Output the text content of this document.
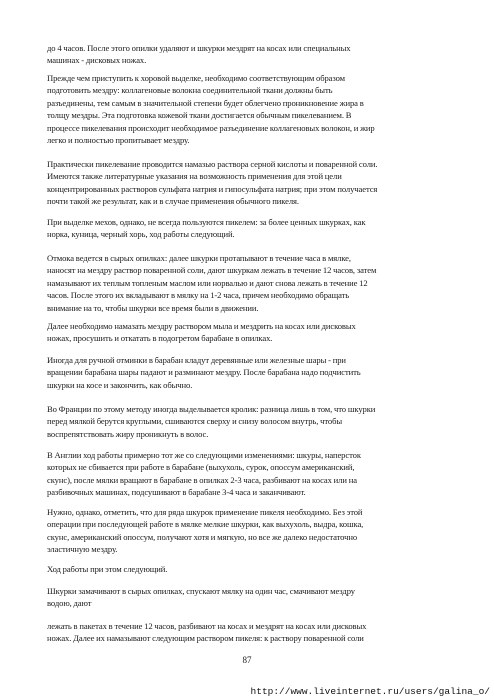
до 4 часов. После этого опилки удаляют и шкурки мездрят на косах или специальных
машинах - дисковых ножах.

Прежде чем приступить к хоровой выделке, необходимо соответствующим образом
подготовить мездру: коллагеновые волокна соединительной ткани должны быть
разъединены, тем самым в значительной степени будет облегчено проникновение жира в
толщу мездры. Эта подготовка кожевой ткани достигается обычным пикелеванием. В
процессе пикелевания происходит необходимое разъединение коллагеновых волокон, и жир
легко и полностью пропитывает мездру.

Практически пикелевание проводится намазью раствора серной кислоты и поваренной соли.
Имеются также литературные указания на возможность применения для этой цели
концентрированных растворов сульфата натрия и гипосульфата натрия; при этом получается
почти такой же результат, как и в случае применения обычного пикеля.

При выделке мехов, однако, не всегда пользуются пикелем: за более ценных шкурках, как
норка, куница, черный хорь, ход работы следующий.

Отмока ведется в сырых опилках: далее шкурки протапывают в течение часа в мялке,
наносят на мездру раствор поваренной соли, дают шкуркам лежать в течение 12 часов, затем
намазывают их теплым топленым маслом или норвалью и дают снова лежать в течение 12
часов. После этого их вкладывают в мялку на 1-2 часа, причем необходимо обращать
внимание на то, чтобы шкурки все время были в движении.

Далее необходимо намазать мездру раствором мыла и мездрить на косах или дисковых
ножах, просушить и откатать в подогретом барабане в опилках.

Иногда для ручной отминки в барабан кладут деревянные или железные шары - при
вращении барабана шары падают и разминают мездру. После барабана надо подчистить
шкурки на косе и закончить, как обычно.

Во Франции по этому методу иногда выделывается кролик: разница лишь в том, что шкурки
перед мялкой берутся круглыми, сшиваются сверху и снизу волосом внутрь, чтобы
воспрепятствовать жиру проникнуть в волос.

В Англии ход работы примерно тот же со следующими изменениями: шкуры, наперсток
которых не сбивается при работе в барабане (выхухоль, сурок, опоссум американский,
скунс), после мялки вращают в барабане в опилках 2-3 часа, разбивают на косах или на
разбивочных машинах, подсушивают в барабане 3-4 часа и заканчивают.

Нужно, однако, отметить, что для ряда шкурок применение пикеля необходимо. Без этой
операции при последующей работе в мялке мелкие шкурки, как выхухоль, выдра, кошка,
скунс, американский опоссум, получают хотя и мягкую, но все же далеко недостаточно
эластичную мездру.

Ход работы при этом следующий.

Шкурки замачивают в сырых опилках, спускают мялку на один час, смачивают мездру
водою, дают

лежать в пакетах в течение 12 часов, разбивают на косах и мездрят на косах или дисковых
ножах. Далее их намазывают следующим раствором пикеля: к раствору поваренной соли

87
http://www.liveinternet.ru/users/galina_o/
